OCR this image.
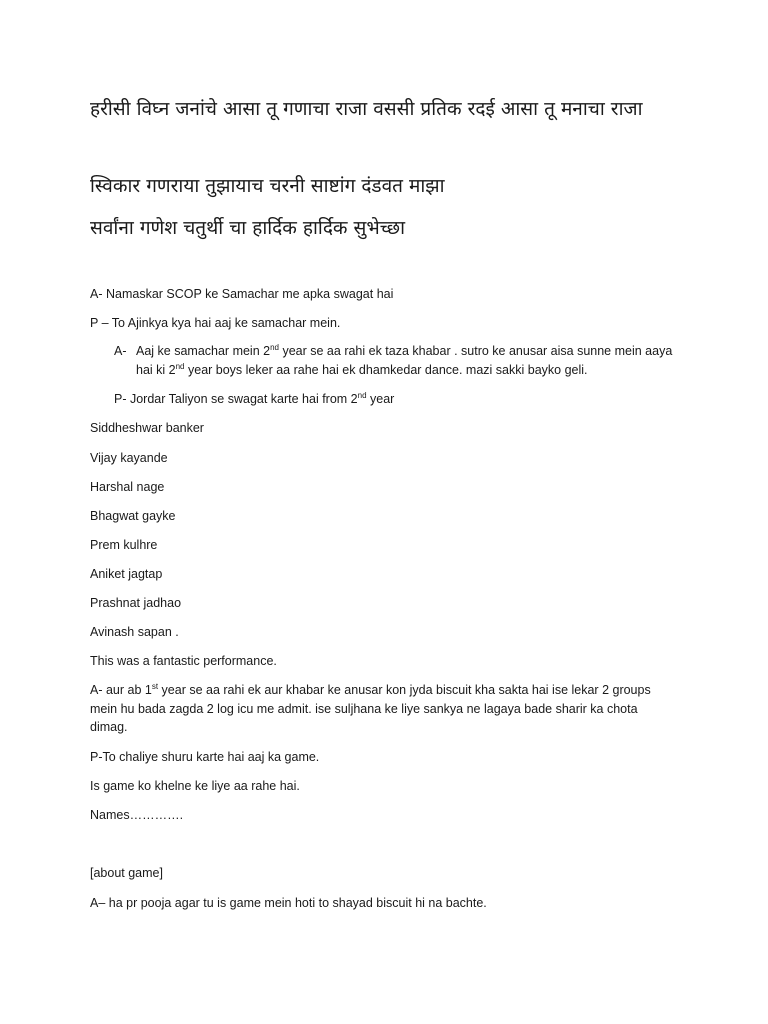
हरीसी विघ्न जनांचे आसा तू गणाचा राजा वससी प्रतिक रदई आसा तू मनाचा राजा

स्विकार गणराया तुझायाच चरनी साष्टांग दंडवत माझा

सर्वांना गणेश चतुर्थी चा हार्दिक हार्दिक सुभेच्छा

A- Namaskar SCOP ke Samachar me apka swagat hai

P – To Ajinkya kya hai aaj ke samachar mein.

A- Aaj ke samachar mein 2nd year se aa rahi ek taza khabar . sutro ke anusar aisa sunne mein aaya hai ki 2nd year boys leker aa rahe hai ek dhamkedar dance. mazi sakki bayko geli.

P- Jordar Taliyon se swagat karte hai from 2nd year

Siddheshwar banker

Vijay kayande

Harshal nage

Bhagwat gayke

Prem kulhre

Aniket jagtap

Prashnat jadhao

Avinash sapan .

This was a fantastic performance.

A- aur ab 1st year se aa rahi ek aur khabar ke anusar kon jyda biscuit kha sakta hai ise lekar 2 groups mein hu bada zagda 2 log icu me admit. ise suljhana ke liye sankya ne lagaya bade sharir ka chota dimag.

P-To chaliye shuru karte hai aaj ka game.

Is game ko khelne ke liye aa rahe hai.

Names………….

[about game]

A– ha pr pooja agar tu is game mein hoti to shayad biscuit hi na bachte.
